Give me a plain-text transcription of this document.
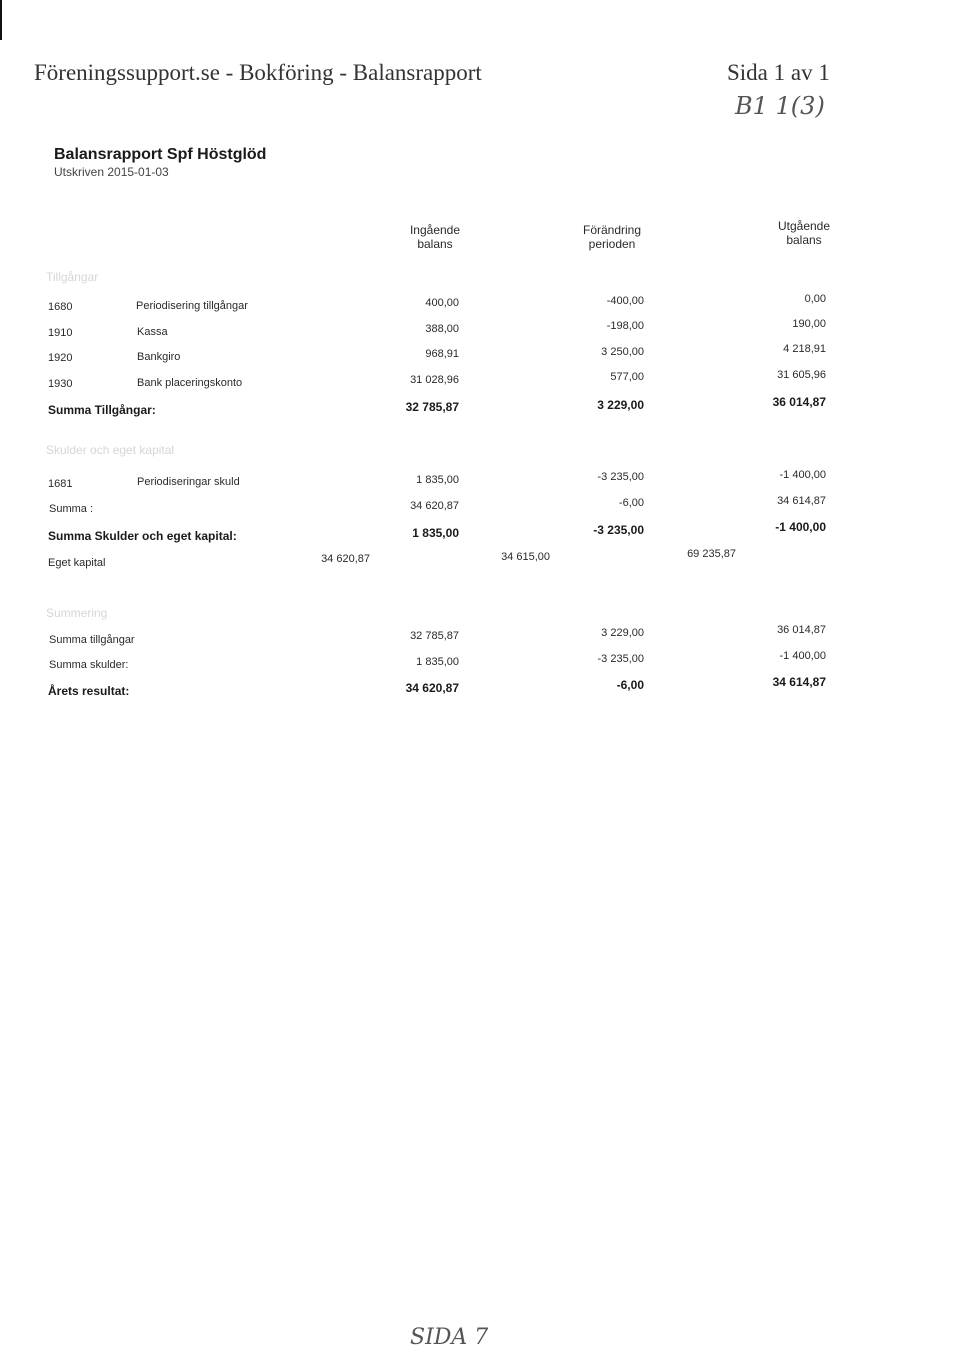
Föreningssupport.se - Bokföring - Balansrapport	Sida 1 av 1
B1 1(3)
Balansrapport Spf Höstglöd
Utskriven 2015-01-03
Ingående
balans
Förändring
perioden
Utgående
balans
Tillgångar
1680	Periodisering tillgångar	400,00	-400,00	0,00
1910	Kassa	388,00	-198,00	190,00
1920	Bankgiro	968,91	3 250,00	4 218,91
1930	Bank placeringskonto	31 028,96	577,00	31 605,96
Summa Tillgångar:	32 785,87	3 229,00	36 014,87
Skulder och eget kapital
1681	Periodiseringar skuld	1 835,00	-3 235,00	-1 400,00
Summa :	34 620,87	-6,00	34 614,87
Summa Skulder och eget kapital:	1 835,00	-3 235,00	-1 400,00
Eget kapital	34 620,87	34 615,00	69 235,87
Summering
Summa tillgångar	32 785,87	3 229,00	36 014,87
Summa skulder:	1 835,00	-3 235,00	-1 400,00
Årets resultat:	34 620,87	-6,00	34 614,87
SIDA 7
